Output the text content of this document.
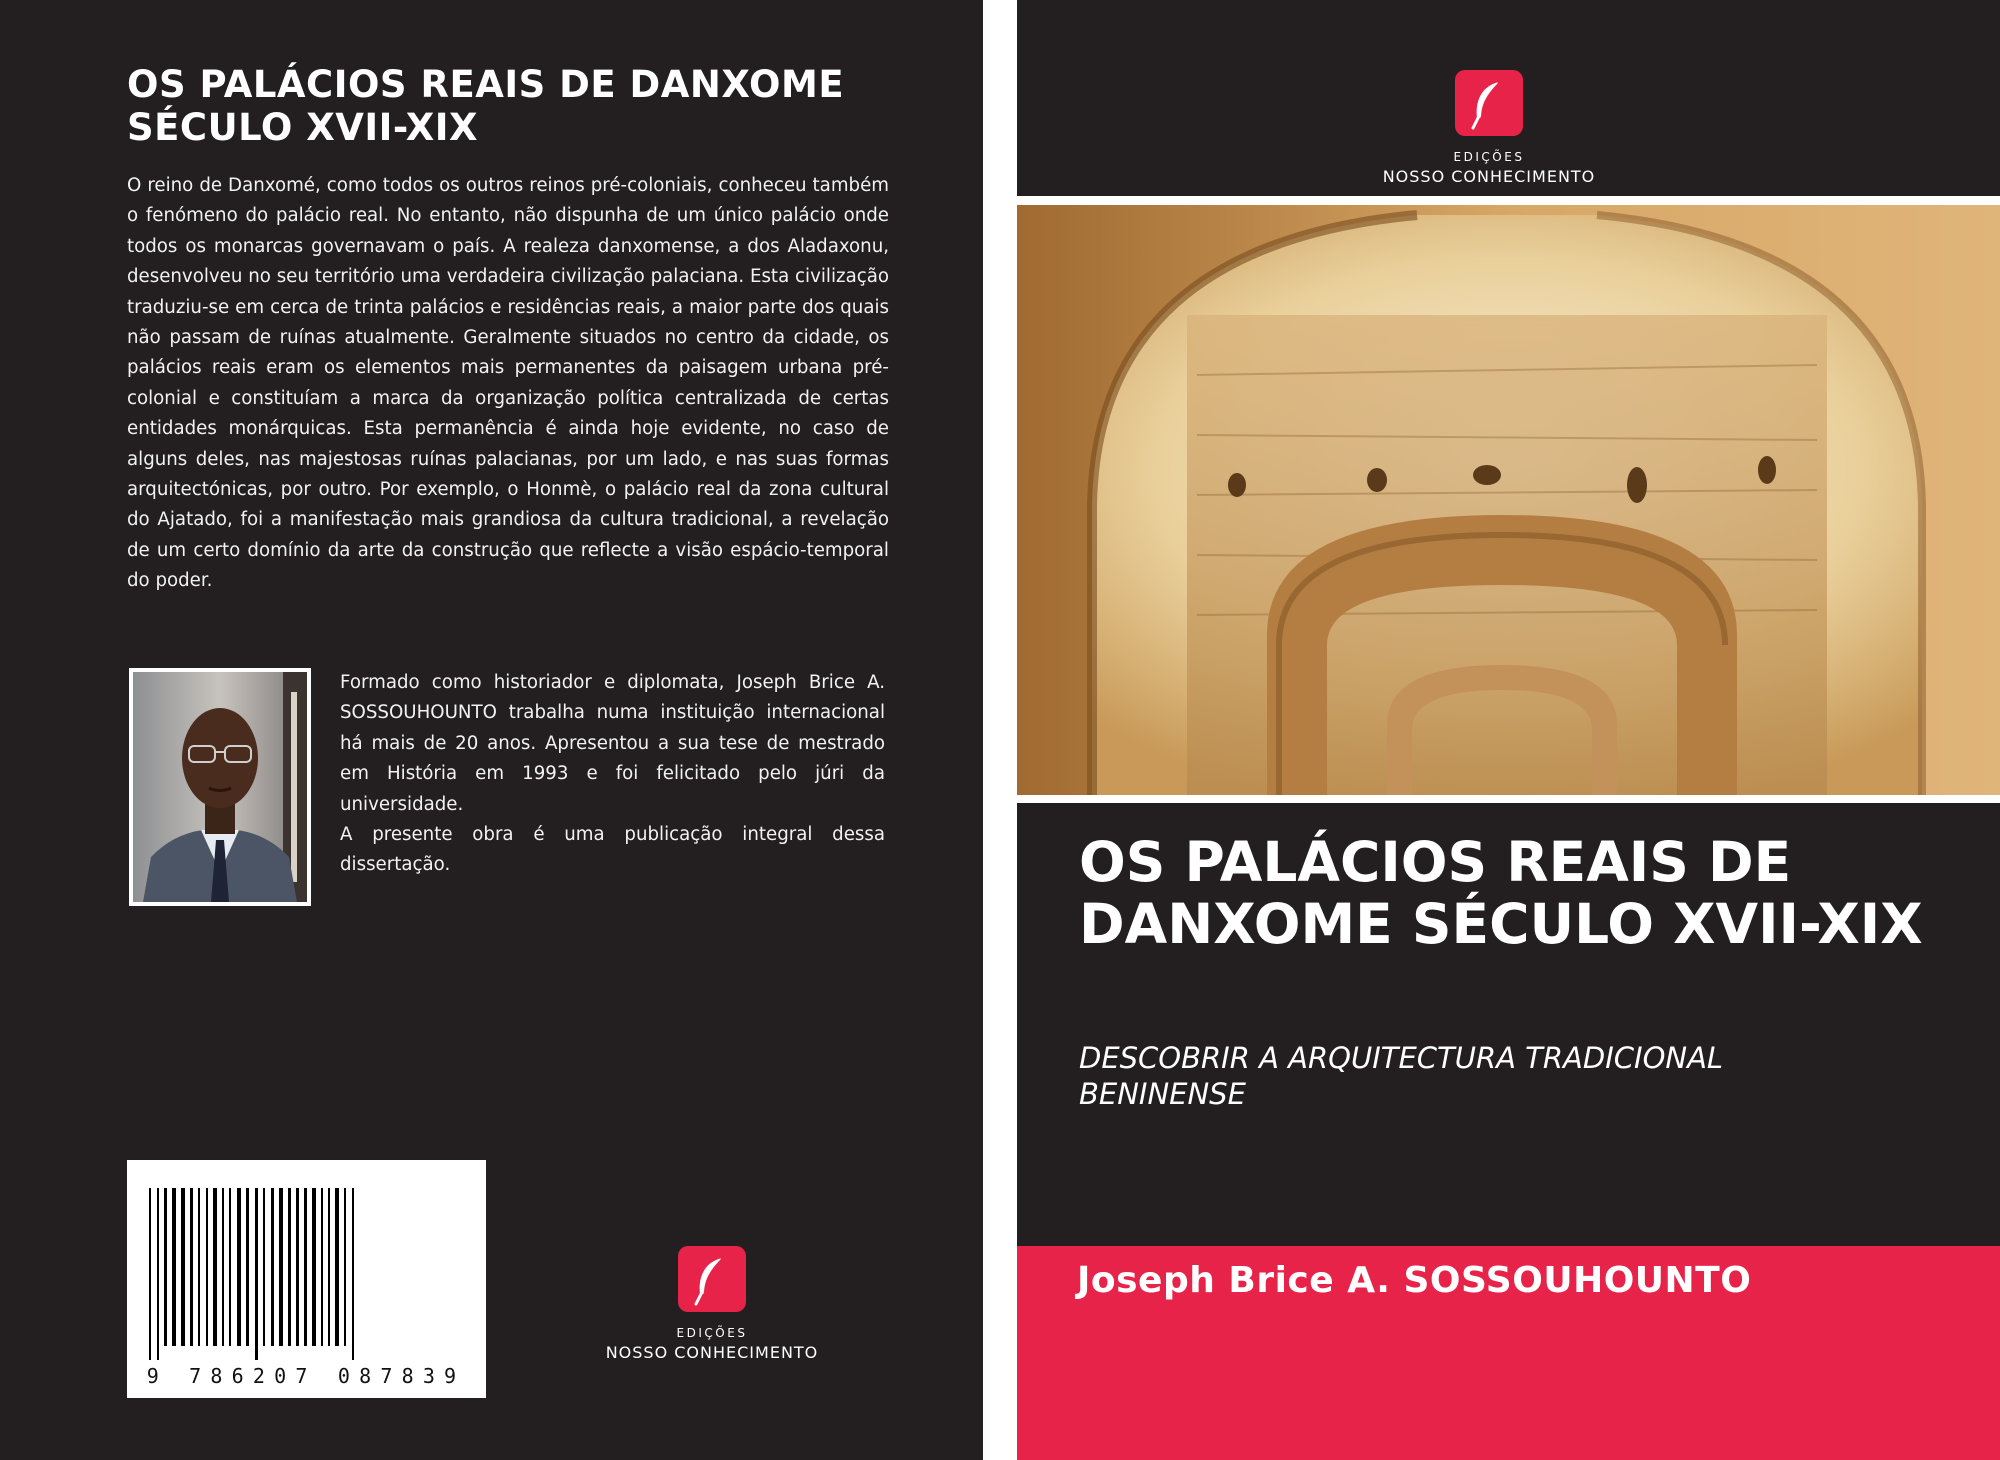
OS PALÁCIOS REAIS DE DANXOME SÉCULO XVII-XIX
O reino de Danxomé, como todos os outros reinos pré-coloniais, conheceu também o fenómeno do palácio real. No entanto, não dispunha de um único palácio onde todos os monarcas governavam o país. A realeza danxomense, a dos Aladaxonu, desenvolveu no seu território uma verdadeira civilização palaciana. Esta civilização traduziu-se em cerca de trinta palácios e residências reais, a maior parte dos quais não passam de ruínas atualmente. Geralmente situados no centro da cidade, os palácios reais eram os elementos mais permanentes da paisagem urbana pré-colonial e constituíam a marca da organização política centralizada de certas entidades monárquicas. Esta permanência é ainda hoje evidente, no caso de alguns deles, nas majestosas ruínas palacianas, por um lado, e nas suas formas arquitectónicas, por outro. Por exemplo, o Honmè, o palácio real da zona cultural do Ajatado, foi a manifestação mais grandiosa da cultura tradicional, a revelação de um certo domínio da arte da construção que reflecte a visão espácio-temporal do poder.

Formado como historiador e diplomata, Joseph Brice A. SOSSOUHOUNTO trabalha numa instituição internacional há mais de 20 anos. Apresentou a sua tese de mestrado em História em 1993 e foi felicitado pelo júri da universidade.

A presente obra é uma publicação integral dessa dissertação.

9 786207 087839
EDIÇÕES
NOSSO CONHECIMENTO
EDIÇÕES
NOSSO CONHECIMENTO
OS PALÁCIOS REAIS DE DANXOME SÉCULO XVII-XIX
DESCOBRIR A ARQUITECTURA TRADICIONAL BENINENSE
Joseph Brice A. SOSSOUHOUNTO
